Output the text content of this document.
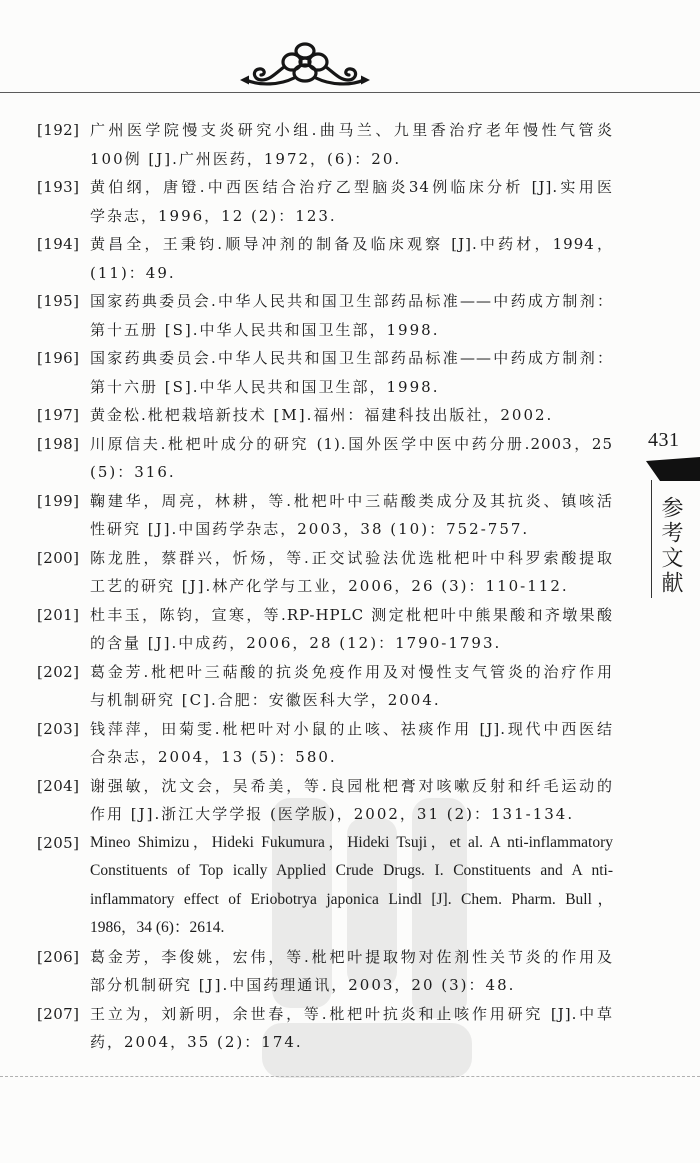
[192] 广州医学院慢支炎研究小组.曲马兰、九里香治疗老年慢性气管炎
100例 [J].广州医药，1972，(6)：20.
[193] 黄伯纲，唐镫.中西医结合治疗乙型脑炎34例临床分析 [J].实用医
学杂志，1996，12 (2)：123.
[194] 黄昌全，王秉钧.顺导冲剂的制备及临床观察 [J].中药材，1994，
(11)：49.
[195] 国家药典委员会.中华人民共和国卫生部药品标准——中药成方制剂：
第十五册 [S].中华人民共和国卫生部，1998.
[196] 国家药典委员会.中华人民共和国卫生部药品标准——中药成方制剂：
第十六册 [S].中华人民共和国卫生部，1998.
[197] 黄金松.枇杷栽培新技术 [M].福州：福建科技出版社，2002.
[198] 川原信夫.枇杷叶成分的研究 (1).国外医学中医中药分册.2003，25
(5)：316.
[199] 鞠建华，周亮，林耕，等.枇杷叶中三萜酸类成分及其抗炎、镇咳活
性研究 [J].中国药学杂志，2003，38 (10)：752-757.
[200] 陈龙胜，蔡群兴，忻炀，等.正交试验法优选枇杷叶中科罗索酸提取
工艺的研究 [J].林产化学与工业，2006，26 (3)：110-112.
[201] 杜丰玉，陈钧，宣寒，等.RP-HPLC 测定枇杷叶中熊果酸和齐墩果酸
的含量 [J].中成药，2006，28 (12)：1790-1793.
[202] 葛金芳.枇杷叶三萜酸的抗炎免疫作用及对慢性支气管炎的治疗作用
与机制研究 [C].合肥：安徽医科大学，2004.
[203] 钱萍萍，田菊雯.枇杷叶对小鼠的止咳、祛痰作用 [J].现代中西医结
合杂志，2004，13 (5)：580.
[204] 谢强敏，沈文会，吴希美，等.良园枇杷膏对咳嗽反射和纤毛运动的
作用 [J].浙江大学学报 (医学版)，2002，31 (2)：131-134.
[205] Mineo Shimizu，Hideki Fukumura，Hideki Tsuji，et al. A nti-inflammatory
Constituents of Top ically Applied Crude Drugs. I. Constituents and A nti-
inflammatory effect of Eriobotrya japonica Lindl [J]. Chem. Pharm. Bull，
1986，34 (6)：2614.
[206] 葛金芳，李俊姚，宏伟，等.枇杷叶提取物对佐剂性关节炎的作用及
部分机制研究 [J].中国药理通讯，2003，20 (3)：48.
[207] 王立为，刘新明，余世春，等.枇杷叶抗炎和止咳作用研究 [J].中草
药，2004，35 (2)：174.
431
参考文献
